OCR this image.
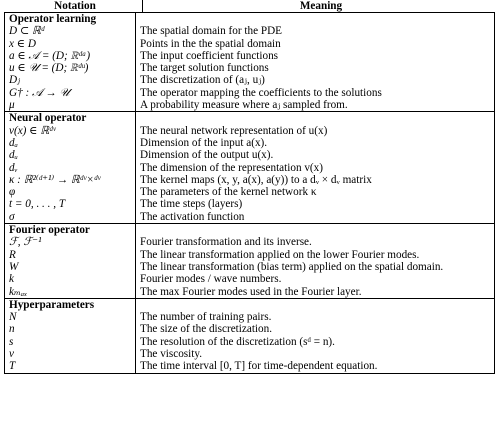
Notation	Meaning
Operator learning
D ⊂ ℝᵈ	The spatial domain for the PDE
x ∈ D	Points in the the spatial domain
a ∈ 𝒜 = (D; ℝᵈᵃ)	The input coefficient functions
u ∈ 𝒰 = (D; ℝᵈᵘ)	The target solution functions
Dⱼ	The discretization of (aⱼ, uⱼ)
G† : 𝒜 → 𝒰	The operator mapping the coefficients to the solutions
μ	A probability measure where aⱼ sampled from.
Neural operator
v(x) ∈ ℝᵈᵛ	The neural network representation of u(x)
dₐ	Dimension of the input a(x).
dᵤ	Dimension of the output u(x).
dᵥ	The dimension of the representation v(x)
κ : ℝ²⁽ᵈ⁺¹⁾ → ℝᵈᵛ×ᵈᵛ	The kernel maps (x, y, a(x), a(y)) to a dᵥ × dᵥ matrix
φ	The parameters of the kernel network κ
t = 0, . . . , T	The time steps (layers)
σ	The activation function
Fourier operator
ℱ, ℱ⁻¹	Fourier transformation and its inverse.
R	The linear transformation applied on the lower Fourier modes.
W	The linear transformation (bias term) applied on the spatial domain.
k	Fourier modes / wave numbers.
kₘₐₓ	The max Fourier modes used in the Fourier layer.
Hyperparameters
N	The number of training pairs.
n	The size of the discretization.
s	The resolution of the discretization (sᵈ = n).
ν	The viscosity.
T	The time interval [0, T] for time-dependent equation.
